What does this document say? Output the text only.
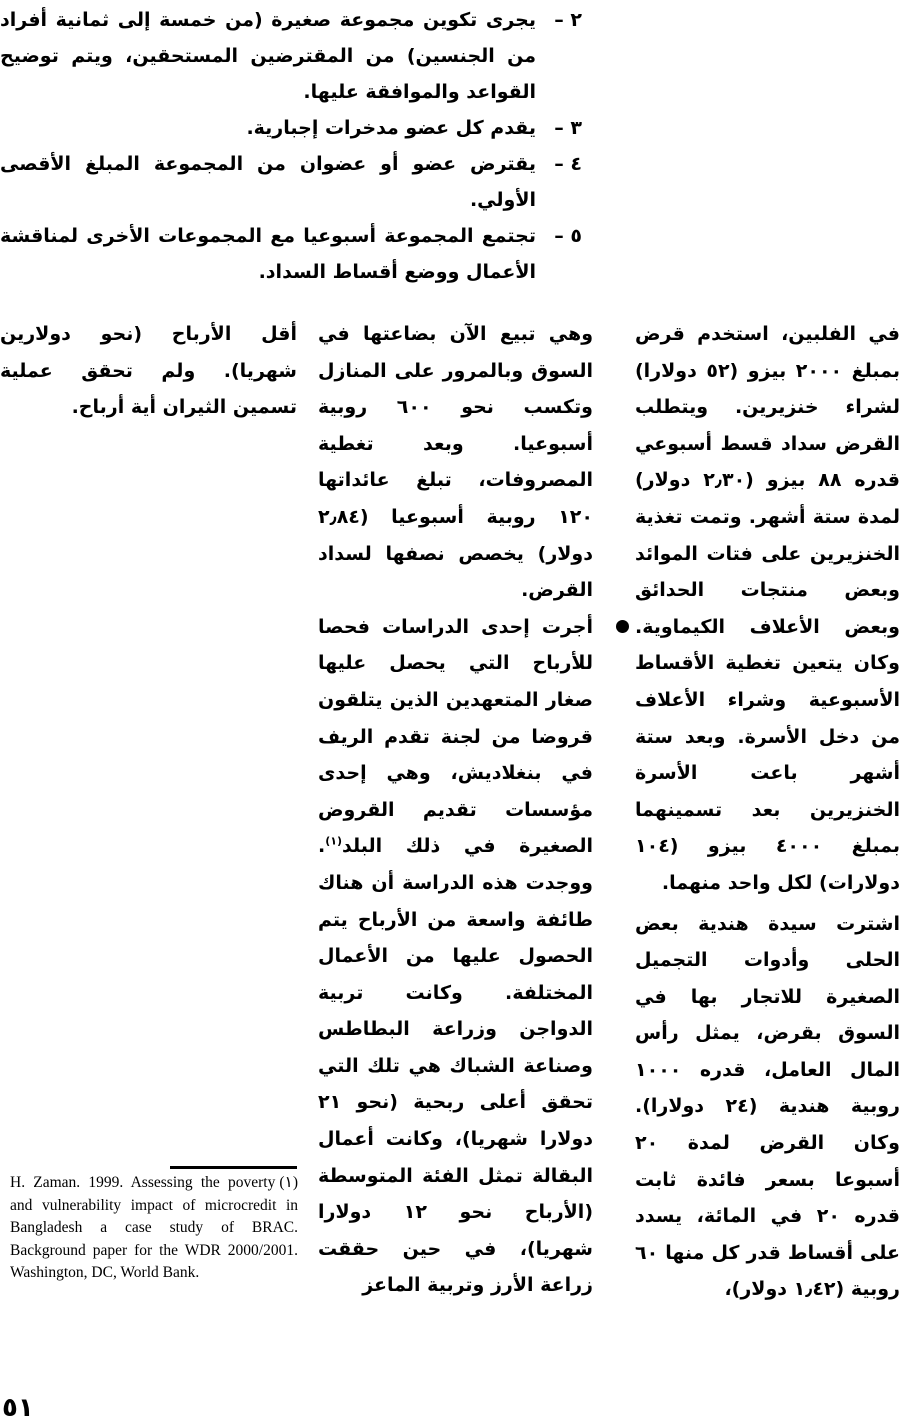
٢ –
يجرى تكوين مجموعة صغيرة (من خمسة إلى ثمانية أفراد من الجنسين) من المقترضين المستحقين، ويتم توضيح القواعد والموافقة عليها.
٣ –
يقدم كل عضو مدخرات إجبارية.
٤ –
يقترض عضو أو عضوان من المجموعة المبلغ الأقصى الأولي.
٥ –
تجتمع المجموعة أسبوعيا مع المجموعات الأخرى لمناقشة الأعمال ووضع أقساط السداد.
في الفلبين، استخدم قرض بمبلغ ٢٠٠٠ بيزو (٥٢ دولارا) لشراء خنزيرين. ويتطلب القرض سداد قسط أسبوعي قدره ٨٨ بيزو (٢٫٣٠ دولار) لمدة ستة أشهر. وتمت تغذية الخنزيرين على فتات الموائد وبعض منتجات الحدائق وبعض الأعلاف الكيماوية. وكان يتعين تغطية الأقساط الأسبوعية وشراء الأعلاف من دخل الأسرة. وبعد ستة أشهر باعت الأسرة الخنزيرين بعد تسمينهما بمبلغ ٤٠٠٠ بيزو (١٠٤ دولارات) لكل واحد منهما.
اشترت سيدة هندية بعض الحلى وأدوات التجميل الصغيرة للاتجار بها في السوق بقرض، يمثل رأس المال العامل، قدره ١٠٠٠ روبية هندية (٢٤ دولارا). وكان القرض لمدة ٢٠ أسبوعا بسعر فائدة ثابت قدره ٢٠ في المائة، يسدد على أقساط قدر كل منها ٦٠ روبية (١٫٤٢ دولار)،
وهي تبيع الآن بضاعتها في السوق وبالمرور على المنازل وتكسب نحو ٦٠٠ روبية أسبوعيا. وبعد تغطية المصروفات، تبلغ عائداتها ١٢٠ روبية أسبوعيا (٢٫٨٤ دولار) يخصص نصفها لسداد القرض.
أجرت إحدى الدراسات فحصا للأرباح التي يحصل عليها صغار المتعهدين الذين يتلقون قروضا من لجنة تقدم الريف في بنغلاديش، وهي إحدى مؤسسات تقديم القروض الصغيرة في ذلك البلد$^{(١)}$. ووجدت هذه الدراسة أن هناك طائفة واسعة من الأرباح يتم الحصول عليها من الأعمال المختلفة. وكانت تربية الدواجن وزراعة البطاطس وصناعة الشباك هي تلك التي تحقق أعلى ربحية (نحو ٢١ دولارا شهريا)، وكانت أعمال البقالة تمثل الفئة المتوسطة (الأرباح نحو ١٢ دولارا شهريا)، في حين حققت زراعة الأرز وتربية الماعز
أقل الأرباح (نحو دولارين شهريا). ولم تحقق عملية تسمين الثيران أية أرباح.
(١)
H. Zaman. 1999. Assessing the poverty and vulnerability impact of microcredit in Bangladesh a case study of BRAC. Background paper for the WDR 2000/2001. Washington, DC, World Bank.
٥١
